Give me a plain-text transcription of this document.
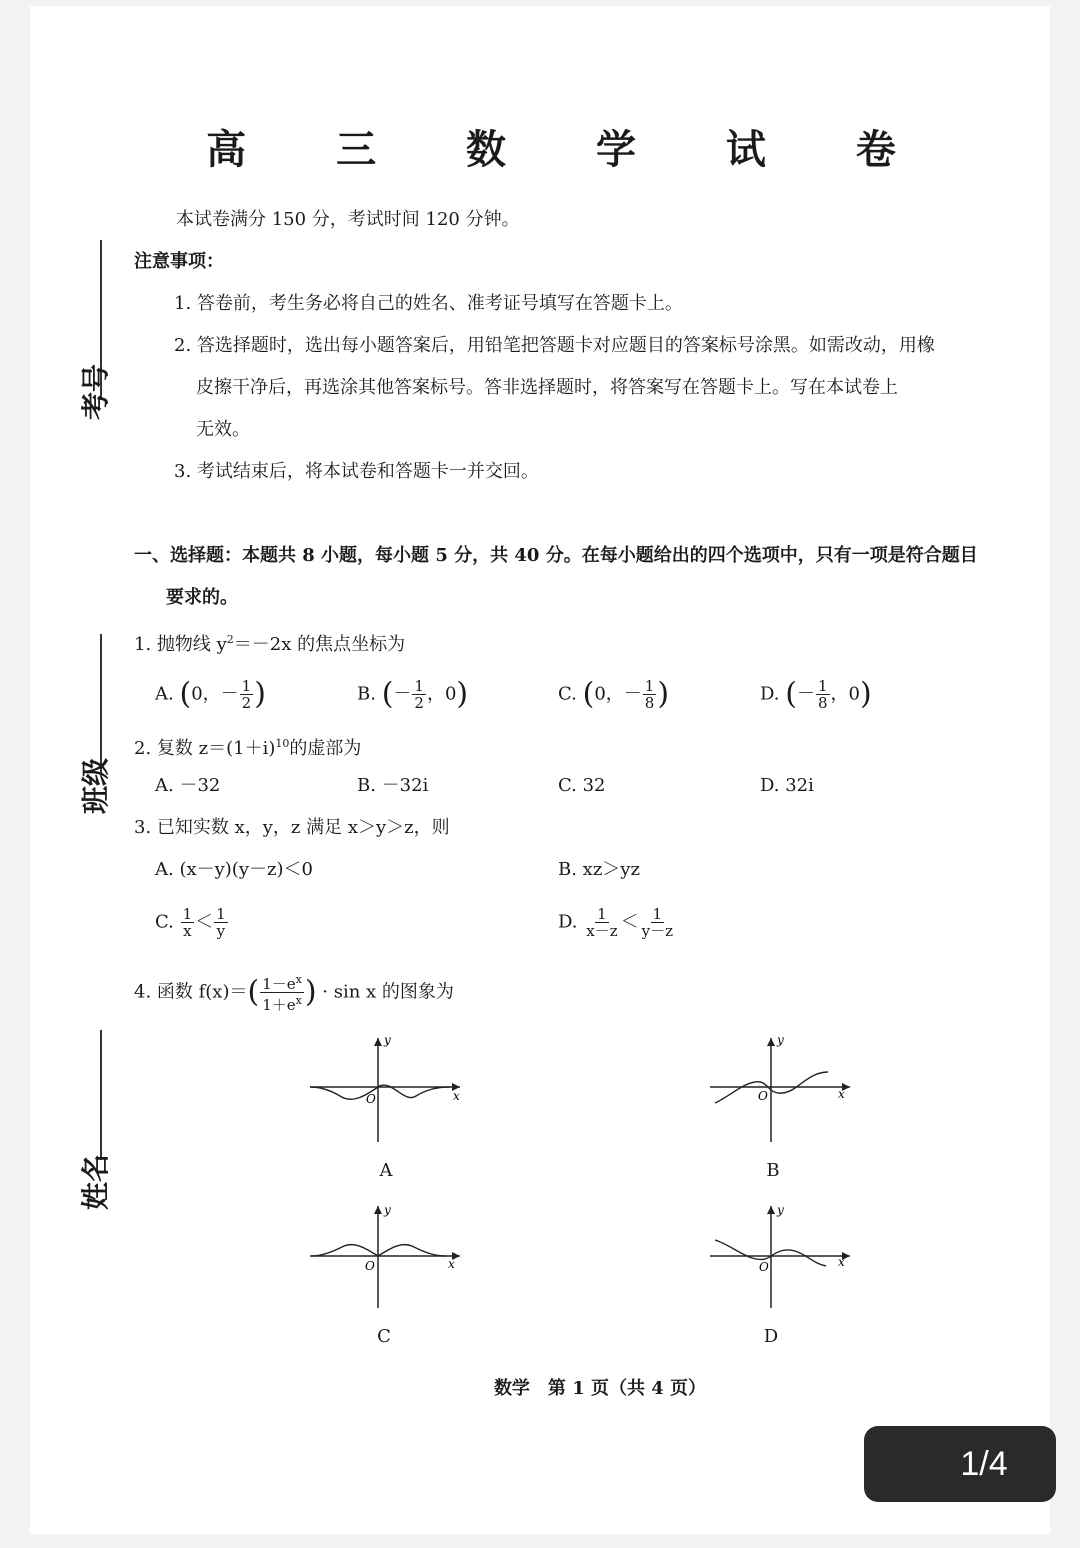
高 三 数 学 试 卷
本试卷满分 150 分，考试时间 120 分钟。
注意事项：
1. 答卷前，考生务必将自己的姓名、准考证号填写在答题卡上。
2. 答选择题时，选出每小题答案后，用铅笔把答题卡对应题目的答案标号涂黑。如需改动，用橡
皮擦干净后，再选涂其他答案标号。答非选择题时，将答案写在答题卡上。写在本试卷上
无效。
3. 考试结束后，将本试卷和答题卡一并交回。
一、选择题：本题共 8 小题，每小题 5 分，共 40 分。在每小题给出的四个选项中，只有一项是符合题目
要求的。
考号
班级
姓名
1. 抛物线 $y^2=-2x$ 的焦点坐标为
A. (0，－ $\frac{1}{2}$ )	B. (－ $\frac{1}{2}$ ，0)	C. (0，－ $\frac{1}{8}$ )	D. (－ $\frac{1}{8}$ ，0)
2. 复数 $z=(1+i)^{10}$的虚部为
A. －32	B. －32i	C. 32	D. 32i
3. 已知实数 x，y，z 满足 x＞y＞z，则
A. (x－y)(y－z)＜0	B. xz＞yz
C. $\frac{1}{x} < \frac{1}{y}$	D. $\frac{1}{x-z} < \frac{1}{y-z}$
4. 函数 $f(x)=( \frac{1-e^x}{1+e^x}$ ) · sin x 的图象为
y
x
O
A
y
x
O
B
y
x
O
C
y
x
O
D
数学　第 1 页（共 4 页）
1/4
